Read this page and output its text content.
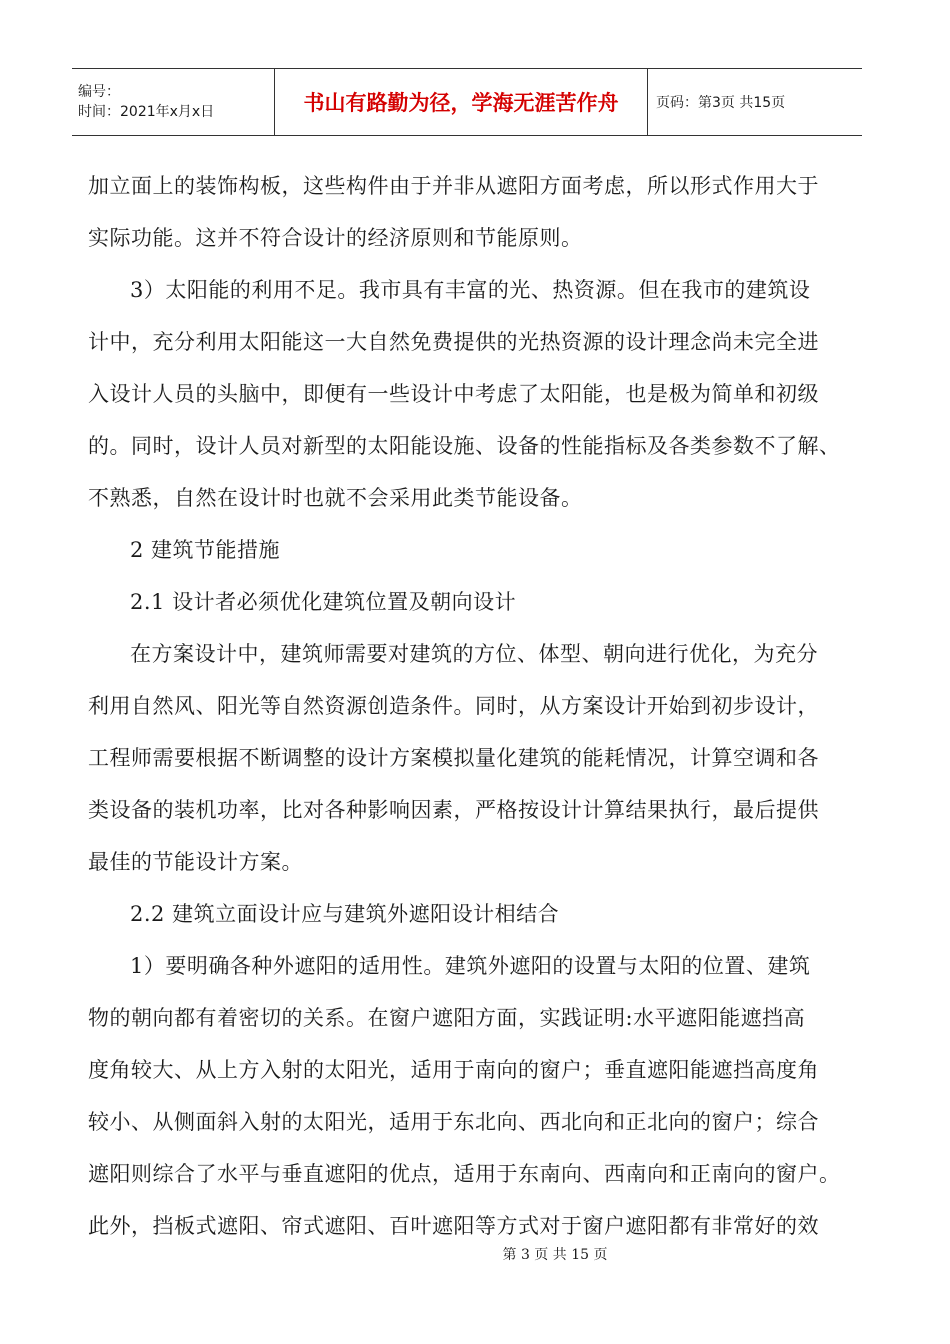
编号：
时间：2021年x月x日	书山有路勤为径，学海无涯苦作舟	页码：第3页 共15页
加立面上的装饰构板，这些构件由于并非从遮阳方面考虑，所以形式作用大于
实际功能。这并不符合设计的经济原则和节能原则。
3）太阳能的利用不足。我市具有丰富的光、热资源。但在我市的建筑设
计中，充分利用太阳能这一大自然免费提供的光热资源的设计理念尚未完全进
入设计人员的头脑中，即便有一些设计中考虑了太阳能，也是极为简单和初级
的。同时，设计人员对新型的太阳能设施、设备的性能指标及各类参数不了解、
不熟悉，自然在设计时也就不会采用此类节能设备。
2 建筑节能措施
2.1 设计者必须优化建筑位置及朝向设计
在方案设计中，建筑师需要对建筑的方位、体型、朝向进行优化，为充分
利用自然风、阳光等自然资源创造条件。同时，从方案设计开始到初步设计，
工程师需要根据不断调整的设计方案模拟量化建筑的能耗情况，计算空调和各
类设备的装机功率，比对各种影响因素，严格按设计计算结果执行，最后提供
最佳的节能设计方案。
2.2 建筑立面设计应与建筑外遮阳设计相结合
1）要明确各种外遮阳的适用性。建筑外遮阳的设置与太阳的位置、建筑
物的朝向都有着密切的关系。在窗户遮阳方面，实践证明:水平遮阳能遮挡高
度角较大、从上方入射的太阳光，适用于南向的窗户；垂直遮阳能遮挡高度角
较小、从侧面斜入射的太阳光，适用于东北向、西北向和正北向的窗户；综合
遮阳则综合了水平与垂直遮阳的优点，适用于东南向、西南向和正南向的窗户。
此外，挡板式遮阳、帘式遮阳、百叶遮阳等方式对于窗户遮阳都有非常好的效
第 3 页 共 15 页
